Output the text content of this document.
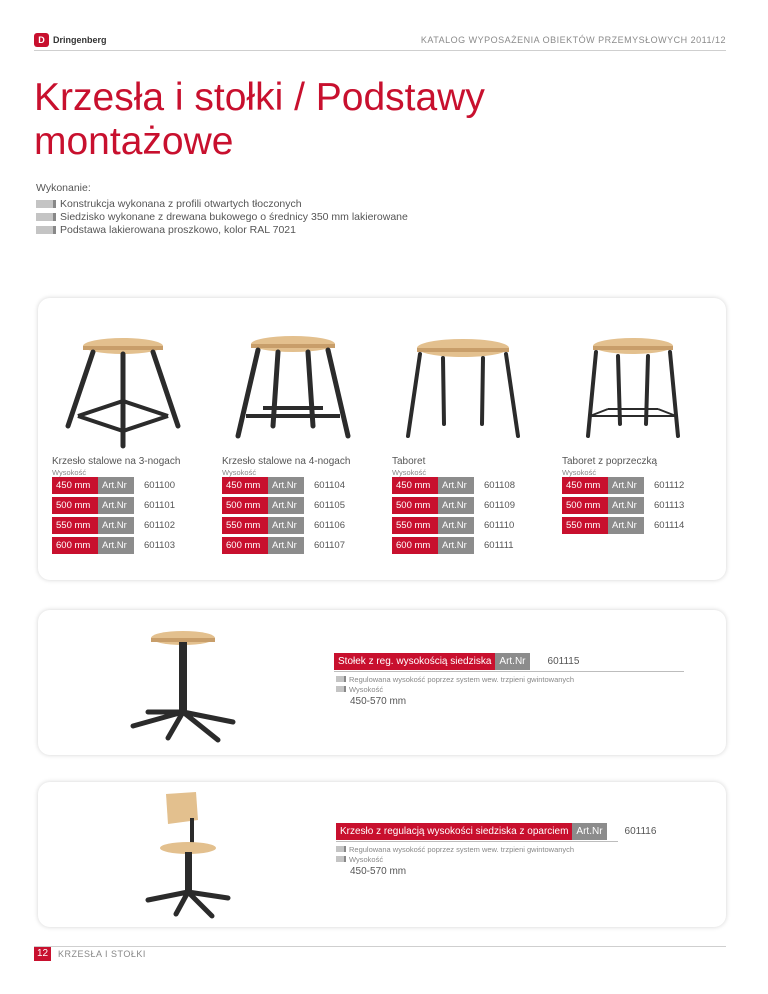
D Dringenberg	KATALOG WYPOSAŻENIA OBIEKTÓW PRZEMYSŁOWYCH 2011/12
Krzesła i stołki / Podstawy
montażowe
Wykonanie:
Konstrukcja wykonana z profili otwartych tłoczonych
Siedzisko wykonane z drewana bukowego o średnicy 350 mm lakierowane
Podstawa lakierowana proszkowo, kolor RAL 7021
Krzesło stalowe na 3-nogach
Wysokość
450 mm	Art.Nr	601100
500 mm	Art.Nr	601101
550 mm	Art.Nr	601102
600 mm	Art.Nr	601103
Krzesło stalowe na 4-nogach
Wysokość
450 mm	Art.Nr	601104
500 mm	Art.Nr	601105
550 mm	Art.Nr	601106
600 mm	Art.Nr	601107
Taboret
Wysokość
450 mm	Art.Nr	601108
500 mm	Art.Nr	601109
550 mm	Art.Nr	601110
600 mm	Art.Nr	601111
Taboret z poprzeczką
Wysokość
450 mm	Art.Nr	601112
500 mm	Art.Nr	601113
550 mm	Art.Nr	601114
Stołek z reg. wysokością siedziska Art.Nr	601115
Regulowana wysokość poprzez system wew. trzpieni gwintowanych
Wysokość
450-570 mm
Krzesło z regulacją wysokości siedziska z oparciem Art.Nr	601116
Regulowana wysokość poprzez system wew. trzpieni gwintowanych
Wysokość
450-570 mm
12	KRZESŁA I STOŁKI
